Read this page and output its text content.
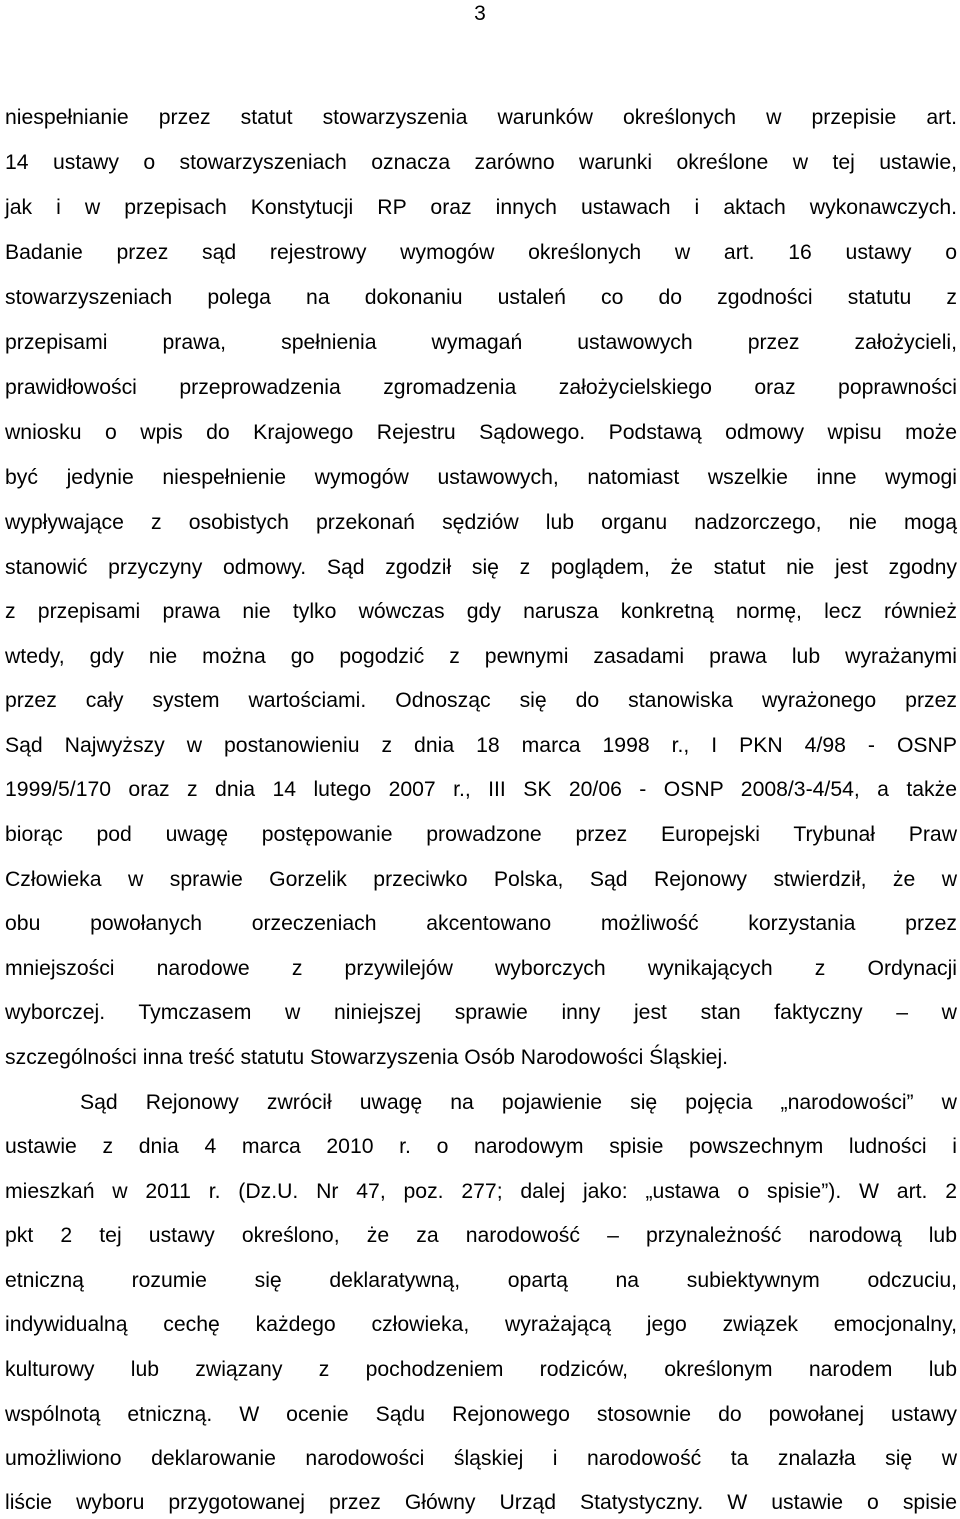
3
niespełnianie przez statut stowarzyszenia warunków określonych w przepisie art.
14 ustawy o stowarzyszeniach oznacza zarówno warunki określone w tej ustawie,
jak i w przepisach Konstytucji RP oraz innych ustawach i aktach wykonawczych.
Badanie przez sąd rejestrowy wymogów określonych w art. 16 ustawy o
stowarzyszeniach polega na dokonaniu ustaleń co do zgodności statutu z
przepisami prawa, spełnienia wymagań ustawowych przez założycieli,
prawidłowości przeprowadzenia zgromadzenia założycielskiego oraz poprawności
wniosku o wpis do Krajowego Rejestru Sądowego. Podstawą odmowy wpisu może
być jedynie niespełnienie wymogów ustawowych, natomiast wszelkie inne wymogi
wypływające z osobistych przekonań sędziów lub organu nadzorczego, nie mogą
stanowić przyczyny odmowy. Sąd zgodził się z poglądem, że statut nie jest zgodny
z przepisami prawa nie tylko wówczas gdy narusza konkretną normę, lecz również
wtedy, gdy nie można go pogodzić z pewnymi zasadami prawa lub wyrażanymi
przez cały system wartościami. Odnosząc się do stanowiska wyrażonego przez
Sąd Najwyższy w postanowieniu z dnia 18 marca 1998 r., I PKN 4/98 - OSNP
1999/5/170 oraz z dnia 14 lutego 2007 r., III SK 20/06 - OSNP 2008/3-4/54, a także
biorąc pod uwagę postępowanie prowadzone przez Europejski Trybunał Praw
Człowieka w sprawie Gorzelik przeciwko Polska, Sąd Rejonowy stwierdził, że w
obu powołanych orzeczeniach akcentowano możliwość korzystania przez
mniejszości narodowe z przywilejów wyborczych wynikających z Ordynacji
wyborczej. Tymczasem w niniejszej sprawie inny jest stan faktyczny – w
szczególności inna treść statutu Stowarzyszenia Osób Narodowości Śląskiej.
Sąd Rejonowy zwrócił uwagę na pojawienie się pojęcia „narodowości” w
ustawie z dnia 4 marca 2010 r. o narodowym spisie powszechnym ludności i
mieszkań w 2011 r. (Dz.U. Nr 47, poz. 277; dalej jako: „ustawa o spisie”). W art. 2
pkt 2 tej ustawy określono, że za narodowość – przynależność narodową lub
etniczną rozumie się deklaratywną, opartą na subiektywnym odczuciu,
indywidualną cechę każdego człowieka, wyrażającą jego związek emocjonalny,
kulturowy lub związany z pochodzeniem rodziców, określonym narodem lub
wspólnotą etniczną. W ocenie Sądu Rejonowego stosownie do powołanej ustawy
umożliwiono deklarowanie narodowości śląskiej i narodowość ta znalazła się w
liście wyboru przygotowanej przez Główny Urząd Statystyczny. W ustawie o spisie
